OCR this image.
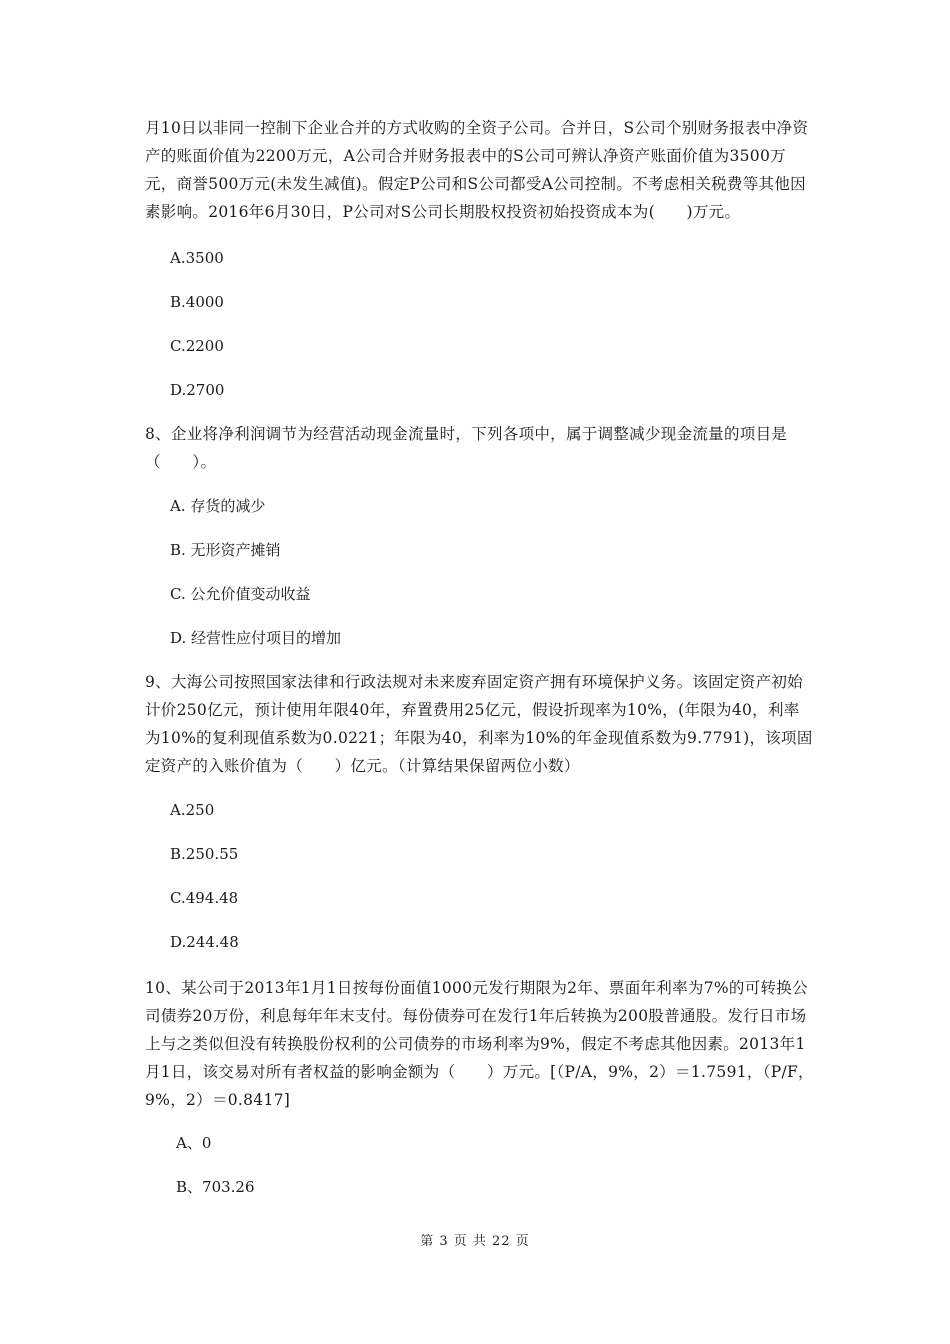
月10日以非同一控制下企业合并的方式收购的全资子公司。合并日，S公司个别财务报表中净资产的账面价值为2200万元，A公司合并财务报表中的S公司可辨认净资产账面价值为3500万元，商誉500万元(未发生减值)。假定P公司和S公司都受A公司控制。不考虑相关税费等其他因素影响。2016年6月30日，P公司对S公司长期股权投资初始投资成本为(　　)万元。

A.3500

B.4000

C.2200

D.2700

8、企业将净利润调节为经营活动现金流量时，下列各项中，属于调整减少现金流量的项目是（　　）。

A. 存货的减少

B. 无形资产摊销

C. 公允价值变动收益

D. 经营性应付项目的增加

9、大海公司按照国家法律和行政法规对未来废弃固定资产拥有环境保护义务。该固定资产初始计价250亿元，预计使用年限40年，弃置费用25亿元，假设折现率为10%，(年限为40，利率为10%的复利现值系数为0.0221；年限为40，利率为10%的年金现值系数为9.7791)，该项固定资产的入账价值为（　　）亿元。（计算结果保留两位小数）

A.250

B.250.55

C.494.48

D.244.48

10、某公司于2013年1月1日按每份面值1000元发行期限为2年、票面年利率为7%的可转换公司债券20万份，利息每年年末支付。每份债券可在发行1年后转换为200股普通股。发行日市场上与之类似但没有转换股份权利的公司债券的市场利率为9%，假定不考虑其他因素。2013年1月1日，该交易对所有者权益的影响金额为（　　）万元。[（P/A，9%，2）＝1.7591，（P/F，9%，2）＝0.8417]

A、0

B、703.26

第 3 页 共 22 页
